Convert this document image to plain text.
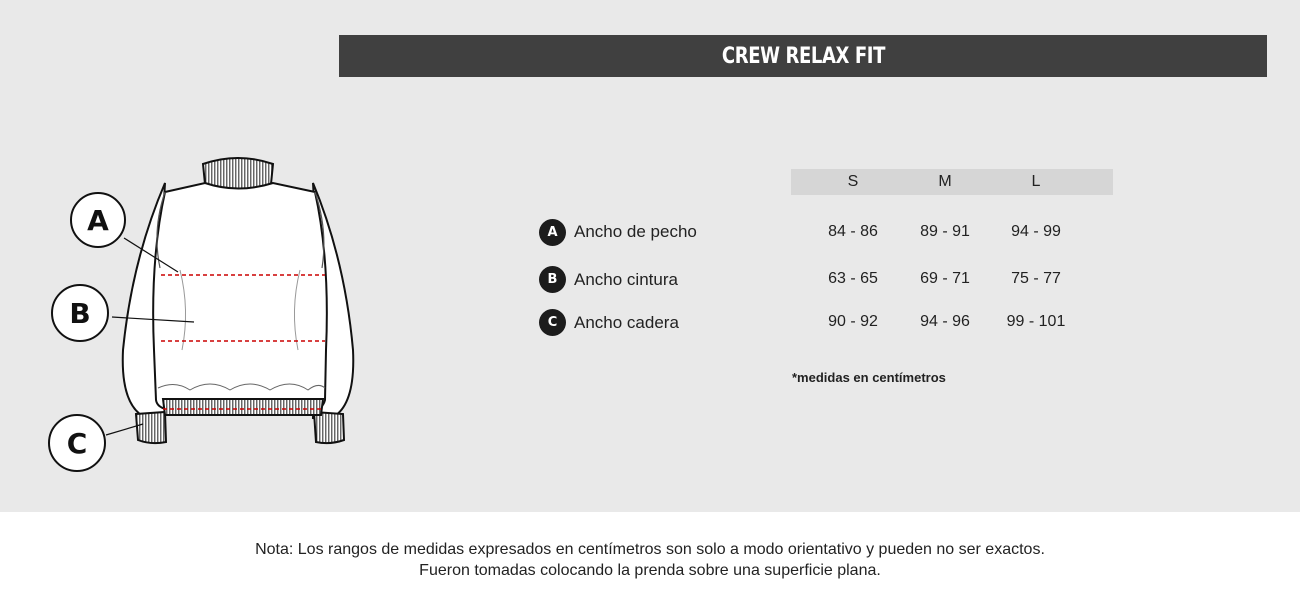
CREW RELAX FIT
A
B
C
S	M	L
A Ancho de pecho	84 - 86	89 - 91	94 - 99
B Ancho cintura	63 - 65	69 - 71	75 - 77
C Ancho cadera	90 - 92	94 - 96	99 - 101
*medidas en centímetros
Nota: Los rangos de medidas expresados en centímetros son solo a modo orientativo y pueden no ser exactos.
Fueron tomadas colocando la prenda sobre una superficie plana.
